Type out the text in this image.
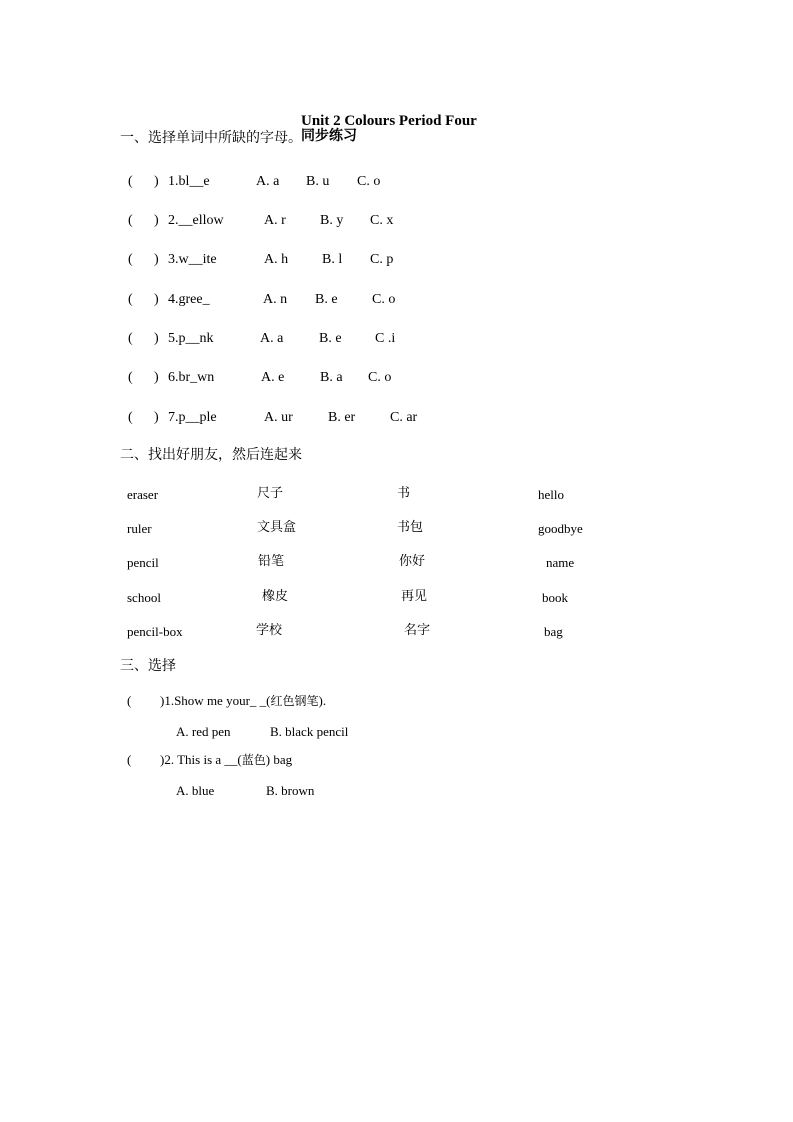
Unit 2 Colours Period Four
同步练习

一、选择单词中所缺的字母。
( ) 1.bl__e	A. a B. u C. o
( ) 2.__ellow	A. r B. y C. x
( ) 3.w__ite	A. h B. l C. p
( ) 4.gree_	A. n B. e C. o
( ) 5.p__nk	A. a	B. e C .i
( ) 6.br_wn	A. e	B. a C. o
( ) 7.p__ple	A. ur	B. er C. ar
二、找出好朋友，然后连起来
eraser	尺子	书	hello
ruler	文具盒	书包	goodbye
pencil	铅笔	你好	name
school	橡皮	再见	book
pencil-box	学校	名字	bag
三、选择
( )1.Show me your_ _(红色钢笔).
A. red pen	B. black pencil
( )2. This is a __(蓝色) bag
A. blue	B. brown
